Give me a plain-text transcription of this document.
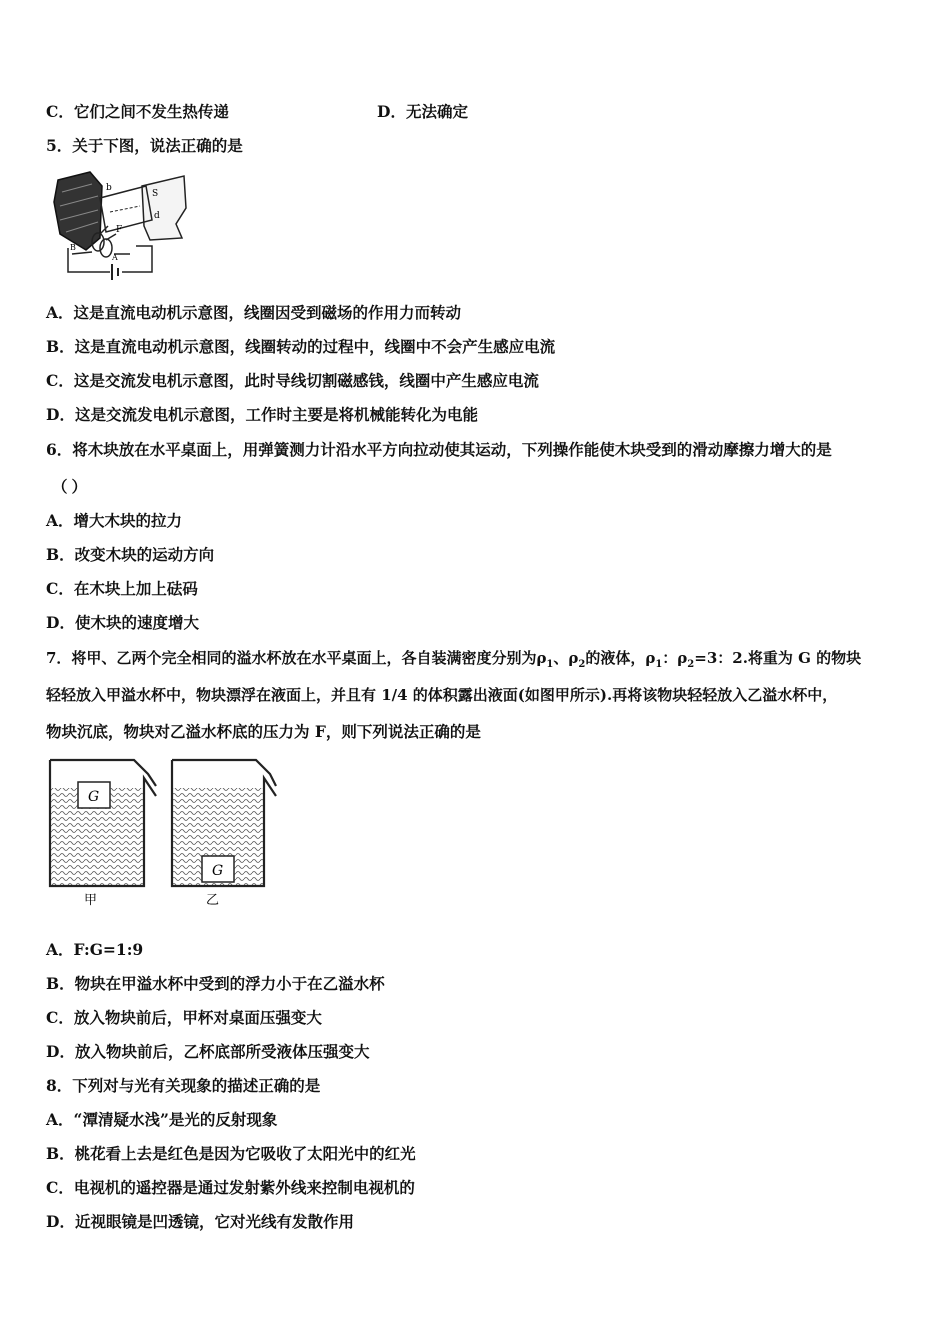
C．它们之间不发生热传递	D．无法确定
5．关于下图，说法正确的是
b
S
d
F
A
B
A．这是直流电动机示意图，线圈因受到磁场的作用力而转动
B．这是直流电动机示意图，线圈转动的过程中，线圈中不会产生感应电流
C．这是交流发电机示意图，此时导线切割磁感钱，线圈中产生感应电流
D．这是交流发电机示意图，工作时主要是将机械能转化为电能
6．将木块放在水平桌面上，用弹簧测力计沿水平方向拉动使其运动，下列操作能使木块受到的滑动摩擦力增大的是
（）
A．增大木块的拉力
B．改变木块的运动方向
C．在木块上加上砝码
D．使木块的速度增大
7．将甲、乙两个完全相同的溢水杯放在水平桌面上，各自装满密度分别为$\rho_1$、$\rho_2$的液体，$\rho_1$：$\rho_2=3$：2.将重为 G 的物块
轻轻放入甲溢水杯中，物块漂浮在液面上，并且有 1/4 的体积露出液面(如图甲所示).再将该物块轻轻放入乙溢水杯中，
物块沉底，物块对乙溢水杯底的压力为 F，则下列说法正确的是
G
甲
G
乙
A．F:G=1:9
B．物块在甲溢水杯中受到的浮力小于在乙溢水杯
C．放入物块前后，甲杯对桌面压强变大
D．放入物块前后，乙杯底部所受液体压强变大
8．下列对与光有关现象的描述正确的是
A．“潭清疑水浅”是光的反射现象
B．桃花看上去是红色是因为它吸收了太阳光中的红光
C．电视机的遥控器是通过发射紫外线来控制电视机的
D．近视眼镜是凹透镜，它对光线有发散作用
